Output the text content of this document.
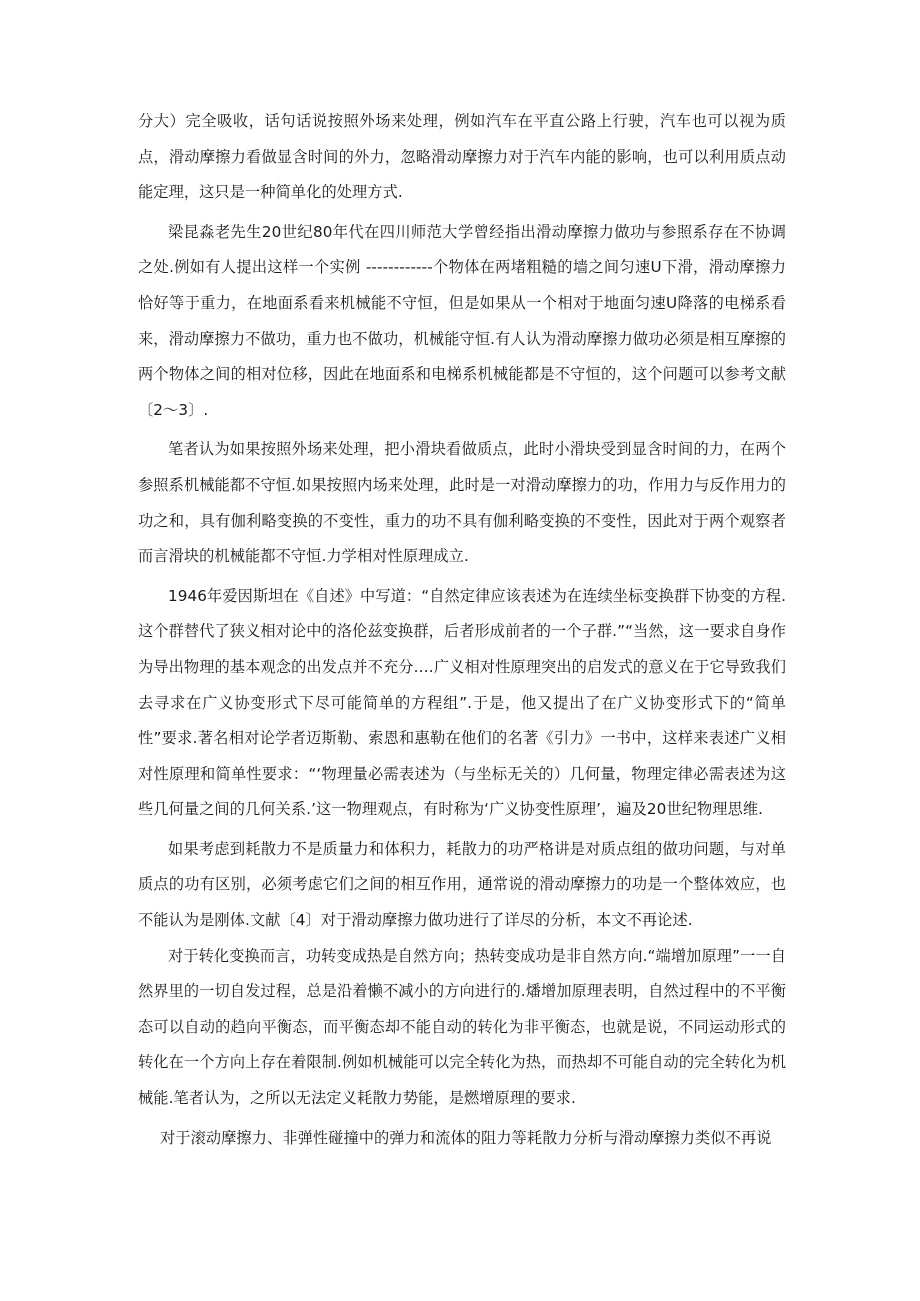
分大）完全吸收，话句话说按照外场来处理，例如汽车在平直公路上行驶，汽车也可以视为质点，滑动摩擦力看做显含时间的外力，忽略滑动摩擦力对于汽车内能的影响，也可以利用质点动能定理，这只是一种简单化的处理方式.

梁昆淼老先生20世纪80年代在四川师范大学曾经指出滑动摩擦力做功与参照系存在不协调之处.例如有人提出这样一个实例 ------------个物体在两堵粗糙的墙之间匀速U下滑，滑动摩擦力恰好等于重力，在地面系看来机械能不守恒，但是如果从一个相对于地面匀速U降落的电梯系看来，滑动摩擦力不做功，重力也不做功，机械能守恒.有人认为滑动摩擦力做功必须是相互摩擦的两个物体之间的相对位移，因此在地面系和电梯系机械能都是不守恒的，这个问题可以参考文献〔2～3〕.

笔者认为如果按照外场来处理，把小滑块看做质点，此时小滑块受到显含时间的力，在两个参照系机械能都不守恒.如果按照内场来处理，此时是一对滑动摩擦力的功，作用力与反作用力的功之和，具有伽利略变换的不变性，重力的功不具有伽利略变换的不变性，因此对于两个观察者而言滑块的机械能都不守恒.力学相对性原理成立.

1946年爱因斯坦在《自述》中写道：“自然定律应该表述为在连续坐标变换群下协变的方程.这个群替代了狭义相对论中的洛伦兹变换群，后者形成前者的一个子群.”“当然，这一要求自身作为导出物理的基本观念的出发点并不充分.…广义相对性原理突出的启发式的意义在于它导致我们去寻求在广义协变形式下尽可能简单的方程组”.于是，他又提出了在广义协变形式下的“简单性”要求.著名相对论学者迈斯勒、索恩和惠勒在他们的名著《引力》一书中，这样来表述广义相对性原理和简单性要求：“‘物理量必需表述为（与坐标无关的）几何量，物理定律必需表述为这些几何量之间的几何关系.’这一物理观点，有时称为‘广义协变性原理’，遍及20世纪物理思维.

如果考虑到耗散力不是质量力和体积力，耗散力的功严格讲是对质点组的做功问题，与对单质点的功有区别，必须考虑它们之间的相互作用，通常说的滑动摩擦力的功是一个整体效应，也不能认为是刚体.文献〔4〕对于滑动摩擦力做功进行了详尽的分析，本文不再论述.

对于转化变换而言，功转变成热是自然方向；热转变成功是非自然方向.“端增加原理”一一自然界里的一切自发过程，总是沿着懒不减小的方向进行的.燔增加原理表明，自然过程中的不平衡态可以自动的趋向平衡态，而平衡态却不能自动的转化为非平衡态，也就是说，不同运动形式的转化在一个方向上存在着限制.例如机械能可以完全转化为热，而热却不可能自动的完全转化为机械能.笔者认为，之所以无法定义耗散力势能，是燃增原理的要求.

对于滚动摩擦力、非弹性碰撞中的弹力和流体的阻力等耗散力分析与滑动摩擦力类似不再说
